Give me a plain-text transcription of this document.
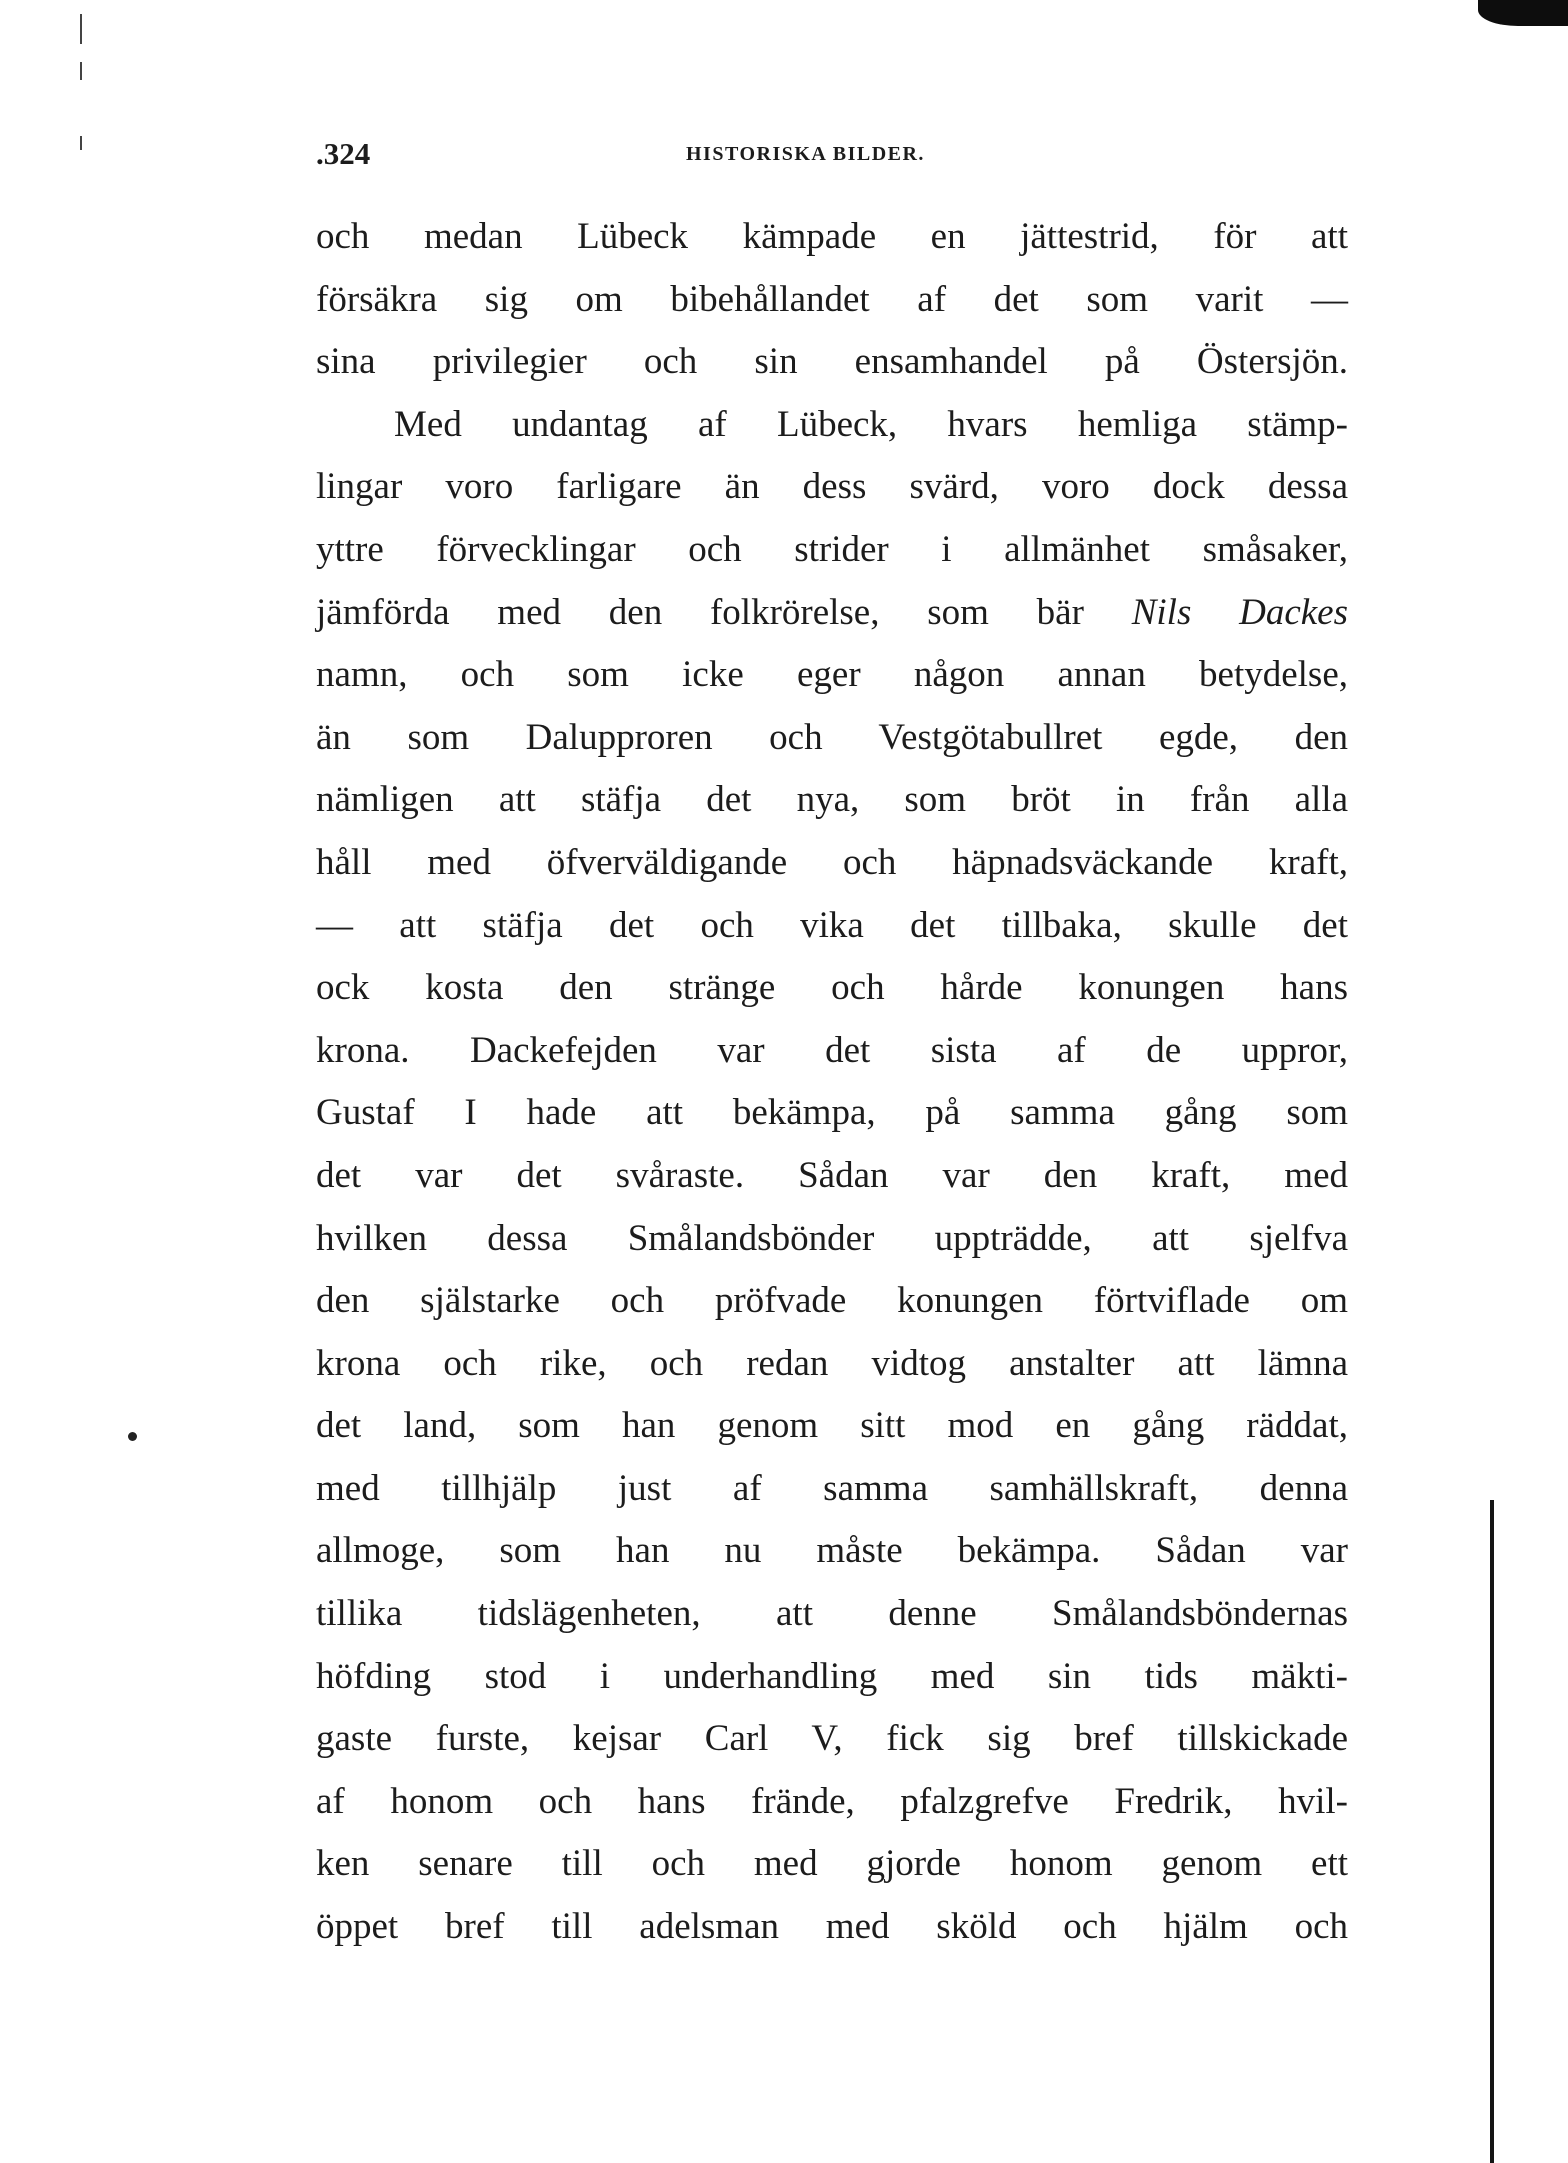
.324	HISTORISKA BILDER.
och medan Lübeck kämpade en jättestrid, för att
försäkra sig om bibehållandet af det som varit —
sina privilegier och sin ensamhandel på Östersjön.
Med undantag af Lübeck, hvars hemliga stämp-
lingar voro farligare än dess svärd, voro dock dessa
yttre förvecklingar och strider i allmänhet småsaker,
jämförda med den folkrörelse, som bär Nils Dackes
namn, och som icke eger någon annan betydelse,
än som Dalupproren och Vestgötabullret egde, den
nämligen att stäfja det nya, som bröt in från alla
håll med öfverväldigande och häpnadsväckande kraft,
— att stäfja det och vika det tillbaka, skulle det
ock kosta den stränge och hårde konungen hans
krona. Dackefejden var det sista af de uppror,
Gustaf I hade att bekämpa, på samma gång som
det var det svåraste. Sådan var den kraft, med
hvilken dessa Smålandsbönder uppträdde, att sjelfva
den själstarke och pröfvade konungen förtviflade om
krona och rike, och redan vidtog anstalter att lämna
det land, som han genom sitt mod en gång räddat,
med tillhjälp just af samma samhällskraft, denna
allmoge, som han nu måste bekämpa. Sådan var
tillika tidslägenheten, att denne Smålandsböndernas
höfding stod i underhandling med sin tids mäkti-
gaste furste, kejsar Carl V, fick sig bref tillskickade
af honom och hans frände, pfalzgrefve Fredrik, hvil-
ken senare till och med gjorde honom genom ett
öppet bref till adelsman med sköld och hjälm och
